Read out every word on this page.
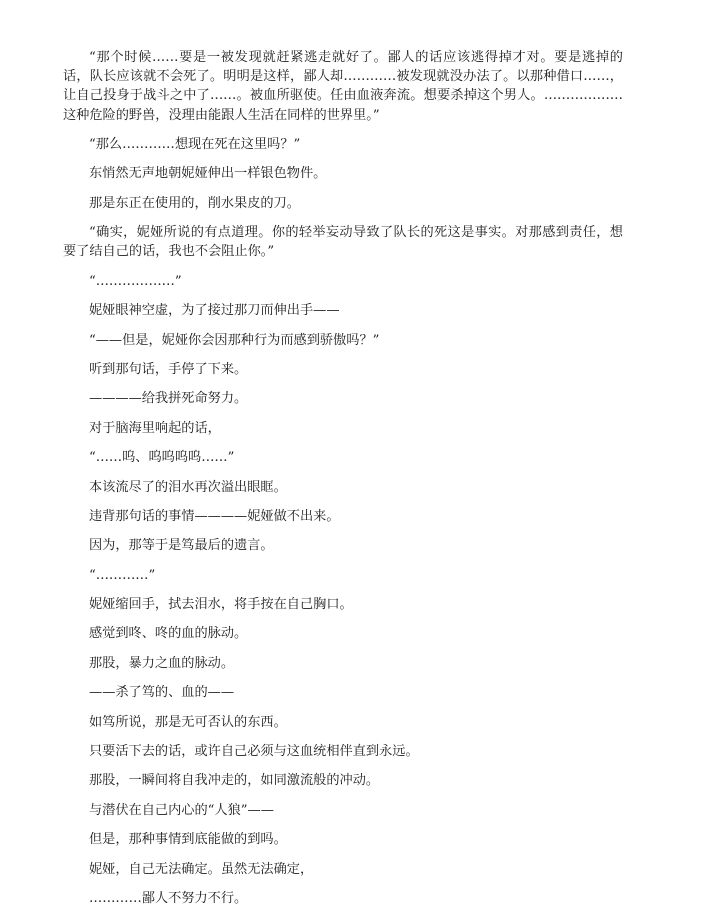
“那个时候……要是一被发现就赶紧逃走就好了。鄙人的话应该逃得掉才对。要是逃掉的话，队长应该就不会死了。明明是这样，鄙人却…………被发现就没办法了。以那种借口……，让自己投身于战斗之中了……。被血所驱使。任由血液奔流。想要杀掉这个男人。………………这种危险的野兽，没理由能跟人生活在同样的世界里。”

“那么…………想现在死在这里吗？”

东悄然无声地朝妮娅伸出一样银色物件。

那是东正在使用的，削水果皮的刀。

“确实，妮娅所说的有点道理。你的轻举妄动导致了队长的死这是事实。对那感到责任，想要了结自己的话，我也不会阻止你。”

“………………”

妮娅眼神空虚，为了接过那刀而伸出手——

“——但是，妮娅你会因那种行为而感到骄傲吗？”

听到那句话，手停了下来。

————给我拼死命努力。

对于脑海里响起的话，

“……呜、呜呜呜呜……”

本该流尽了的泪水再次溢出眼眶。

违背那句话的事情————妮娅做不出来。

因为，那等于是笃最后的遗言。

“…………”

妮娅缩回手，拭去泪水，将手按在自己胸口。

感觉到咚、咚的血的脉动。

那股，暴力之血的脉动。

——杀了笃的、血的——

如笃所说，那是无可否认的东西。

只要活下去的话，或许自己必须与这血统相伴直到永远。

那股，一瞬间将自我冲走的，如同激流般的冲动。

与潜伏在自己内心的“人狼”——

但是，那种事情到底能做的到吗。

妮娅，自己无法确定。虽然无法确定，

…………鄙人不努力不行。
